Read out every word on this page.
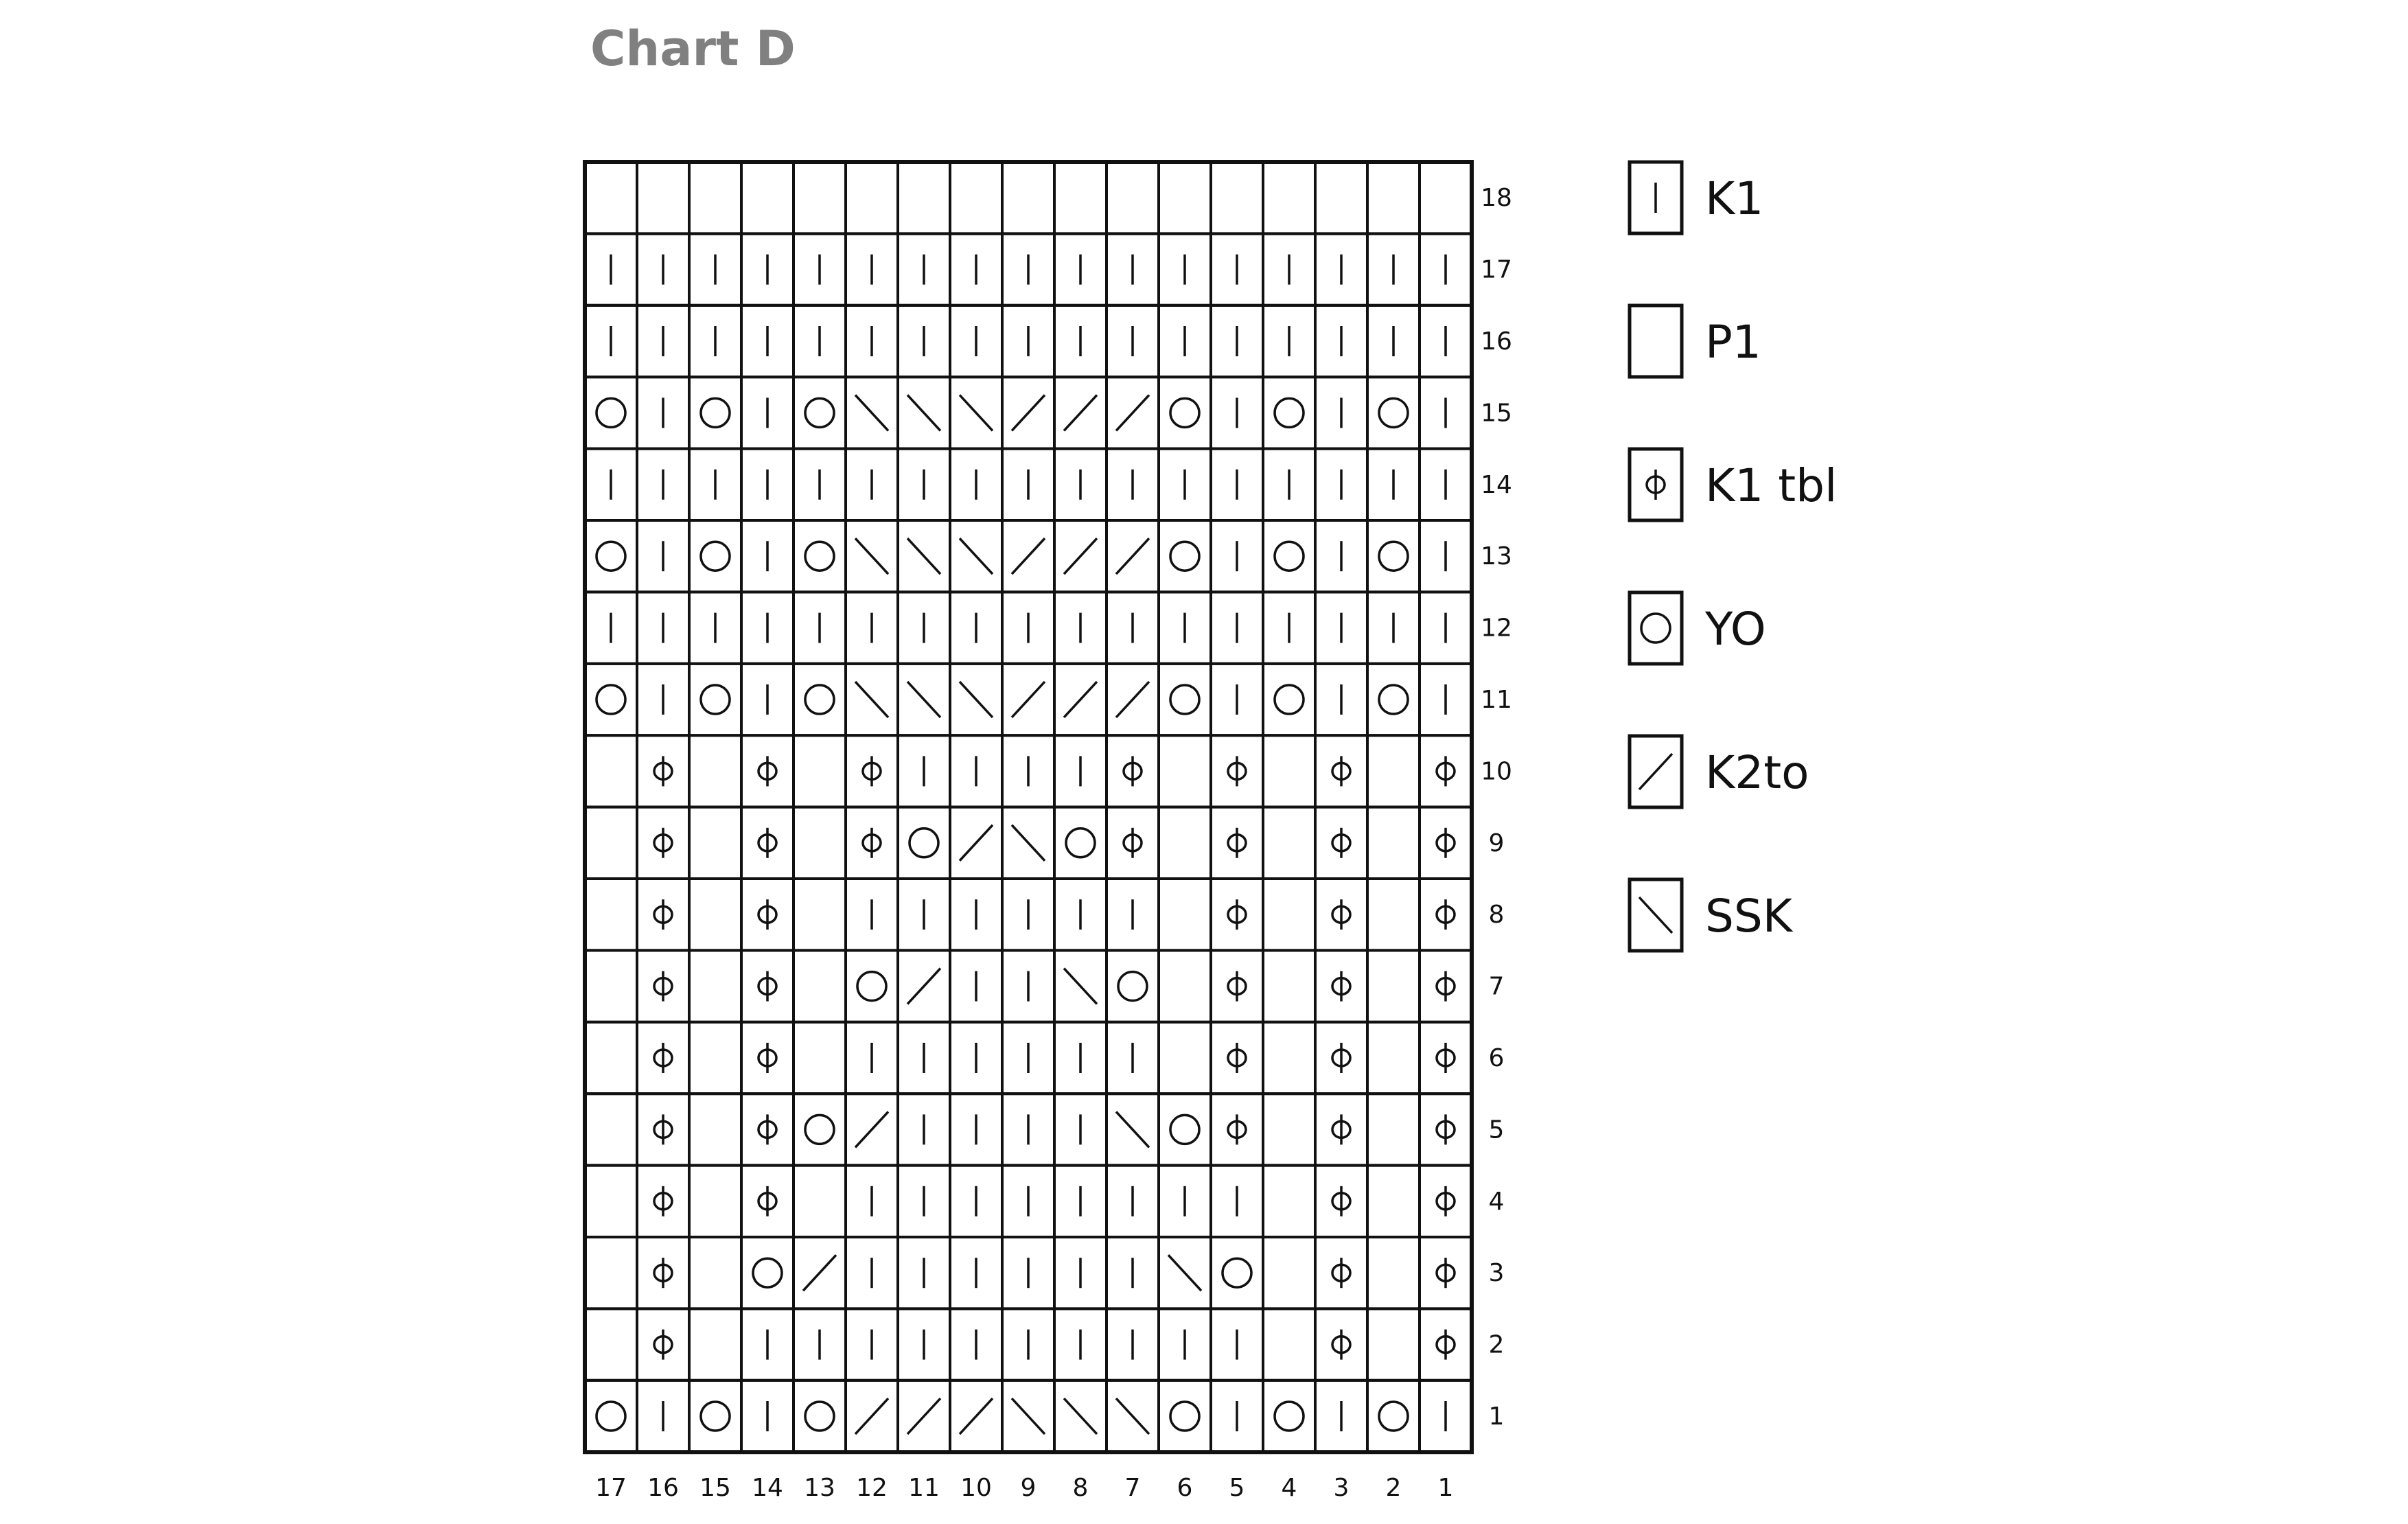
Chart D
18
17
16
15
14
13
12
11
10
9
8
7
6
5
4
3
2
1
17 16 15 14 13 12 11 10 9 8 7 6 5 4 3 2 1
K1
P1
K1 tbl
YO
K2to
SSK
